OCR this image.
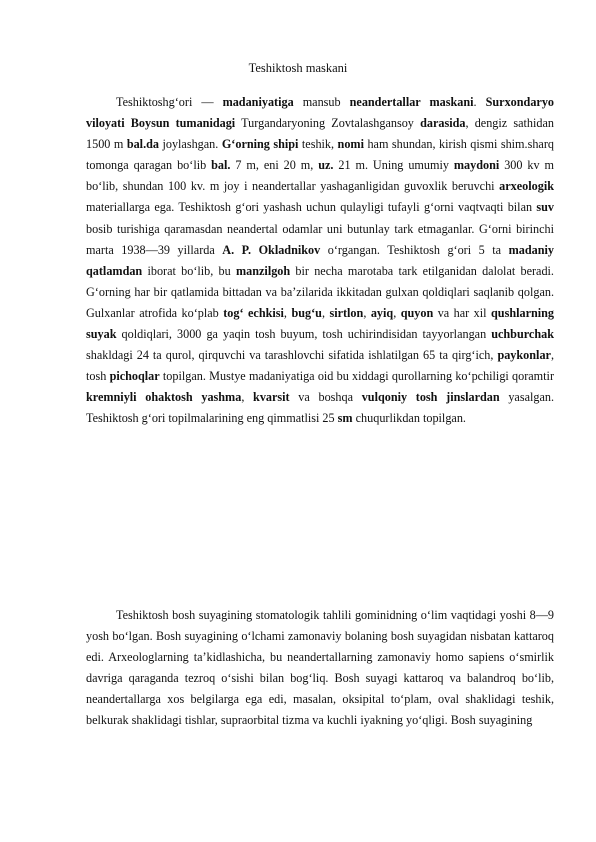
Teshiktosh maskani

Teshiktoshg‘ori — madaniyatiga mansub neandertallar maskani. Surxondaryo viloyati Boysun tumanidagi Turgandaryoning Zovtalashgansoy darasida, dengiz sathidan 1500 m bal.da joylashgan. G‘orning shipi teshik, nomi ham shundan, kirish qismi shim.sharq tomonga qaragan bo‘lib bal. 7 m, eni 20 m, uz. 21 m. Uning umumiy maydoni 300 kv m bo‘lib, shundan 100 kv. m joy i neandertallar yashaganligidan guvoxlik beruvchi arxeologik materiallarga ega. Teshiktosh g‘ori yashash uchun qulayligi tufayli g‘orni vaqtvaqti bilan suv bosib turishiga qaramasdan neandertal odamlar uni butunlay tark etmaganlar. G‘orni birinchi marta 1938—39 yillarda A. P. Okladnikov o‘rgangan. Teshiktosh g‘ori 5 ta madaniy qatlamdan iborat bo‘lib, bu manzilgoh bir necha marotaba tark etilganidan dalolat beradi. G‘orning har bir qatlamida bittadan va ba’zilarida ikkitadan gulxan qoldiqlari saqlanib qolgan. Gulxanlar atrofida ko‘plab tog‘ echkisi, bug‘u, sirtlon, ayiq, quyon va har xil qushlarning suyak qoldiqlari, 3000 ga yaqin tosh buyum, tosh uchirindisidan tayyorlangan uchburchak shakldagi 24 ta qurol, qirquvchi va tarashlovchi sifatida ishlatilgan 65 ta qirg‘ich, paykonlar, tosh pichoqlar topilgan. Mustye madaniyatiga oid bu xiddagi qurollarning ko‘pchiligi qoramtir kremniyli ohaktosh yashma, kvarsit va boshqa vulqoniy tosh jinslardan yasalgan. Teshiktosh g‘ori topilmalarining eng qimmatlisi 25 sm chuqurlikdan topilgan.

Teshiktosh bosh suyagining stomatologik tahlili gominidning o‘lim vaqtidagi yoshi 8—9 yosh bo‘lgan. Bosh suyagining o‘lchami zamonaviy bolaning bosh suyagidan nisbatan kattaroq edi. Arxeologlarning ta’kidlashicha, bu neandertallarning zamonaviy homo sapiens o‘smirlik davriga qaraganda tezroq o‘sishi bilan bog‘liq. Bosh suyagi kattaroq va balandroq bo‘lib, neandertallarga xos belgilarga ega edi, masalan, oksipital to‘plam, oval shaklidagi teshik, belkurak shaklidagi tishlar, supraorbital tizma va kuchli iyakning yo‘qligi. Bosh suyagining
